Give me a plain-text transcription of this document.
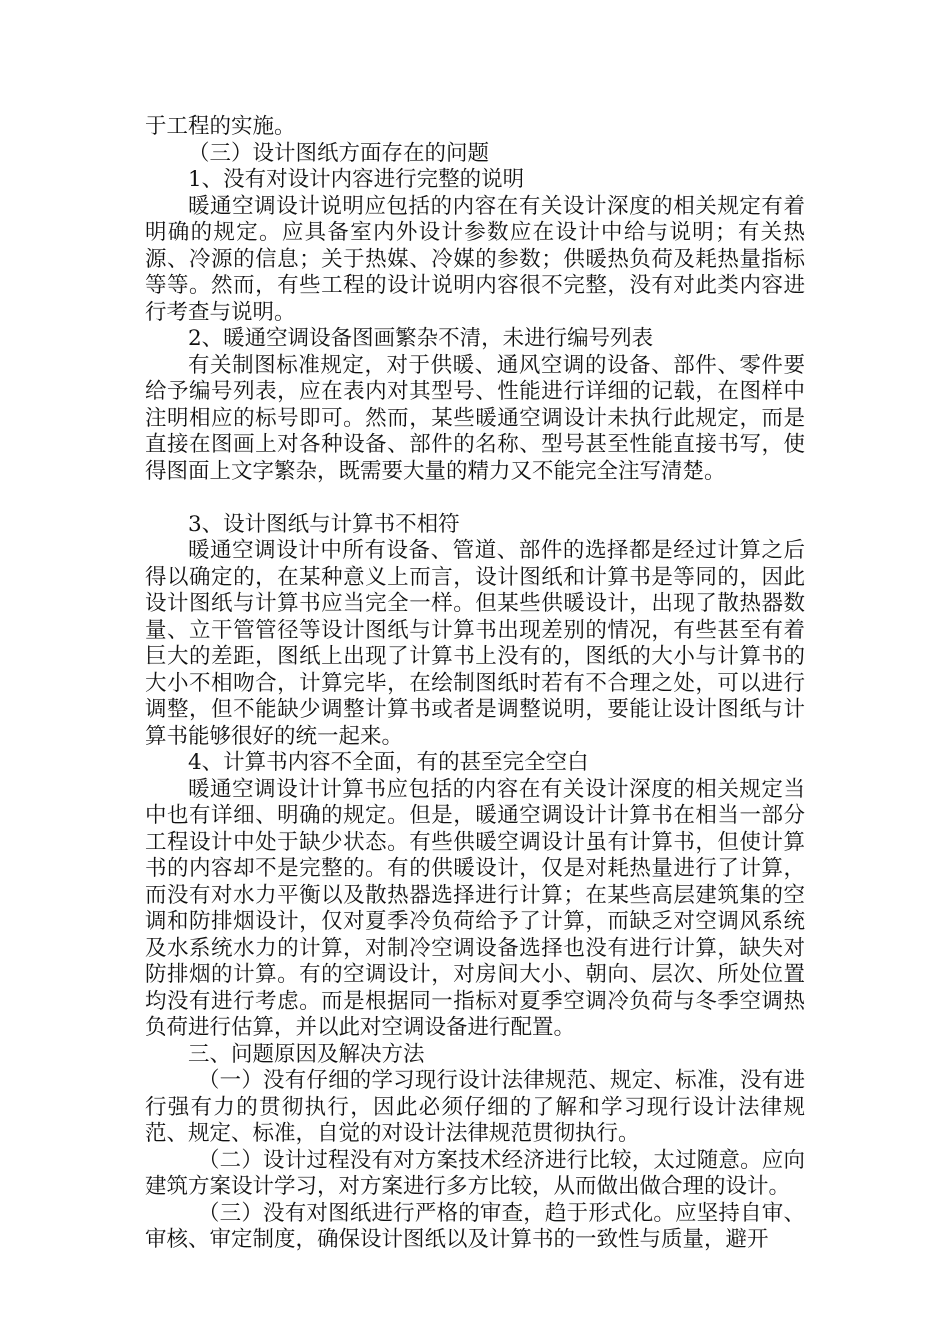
于工程的实施。

（三）设计图纸方面存在的问题

1、没有对设计内容进行完整的说明

暖通空调设计说明应包括的内容在有关设计深度的相关规定有着明确的规定。应具备室内外设计参数应在设计中给与说明；有关热源、冷源的信息；关于热媒、冷媒的参数；供暖热负荷及耗热量指标等等。然而，有些工程的设计说明内容很不完整，没有对此类内容进行考查与说明。

2、暖通空调设备图画繁杂不清，未进行编号列表

有关制图标准规定，对于供暖、通风空调的设备、部件、零件要给予编号列表，应在表内对其型号、性能进行详细的记载，在图样中注明相应的标号即可。然而，某些暖通空调设计未执行此规定，而是直接在图画上对各种设备、部件的名称、型号甚至性能直接书写，使得图面上文字繁杂，既需要大量的精力又不能完全注写清楚。

3、设计图纸与计算书不相符

暖通空调设计中所有设备、管道、部件的选择都是经过计算之后得以确定的，在某种意义上而言，设计图纸和计算书是等同的，因此设计图纸与计算书应当完全一样。但某些供暖设计，出现了散热器数量、立干管管径等设计图纸与计算书出现差别的情况，有些甚至有着巨大的差距，图纸上出现了计算书上没有的，图纸的大小与计算书的大小不相吻合，计算完毕，在绘制图纸时若有不合理之处，可以进行调整，但不能缺少调整计算书或者是调整说明，要能让设计图纸与计算书能够很好的统一起来。

4、计算书内容不全面，有的甚至完全空白

暖通空调设计计算书应包括的内容在有关设计深度的相关规定当中也有详细、明确的规定。但是，暖通空调设计计算书在相当一部分工程设计中处于缺少状态。有些供暖空调设计虽有计算书，但使计算书的内容却不是完整的。有的供暖设计，仅是对耗热量进行了计算，而没有对水力平衡以及散热器选择进行计算；在某些高层建筑集的空调和防排烟设计，仅对夏季冷负荷给予了计算，而缺乏对空调风系统及水系统水力的计算，对制冷空调设备选择也没有进行计算，缺失对防排烟的计算。有的空调设计，对房间大小、朝向、层次、所处位置均没有进行考虑。而是根据同一指标对夏季空调冷负荷与冬季空调热负荷进行估算，并以此对空调设备进行配置。

三、问题原因及解决方法

（一）没有仔细的学习现行设计法律规范、规定、标准，没有进行强有力的贯彻执行，因此必须仔细的了解和学习现行设计法律规范、规定、标准，自觉的对设计法律规范贯彻执行。

（二）设计过程没有对方案技术经济进行比较，太过随意。应向建筑方案设计学习，对方案进行多方比较，从而做出做合理的设计。

（三）没有对图纸进行严格的审查，趋于形式化。应坚持自审、审核、审定制度，确保设计图纸以及计算书的一致性与质量，避开
